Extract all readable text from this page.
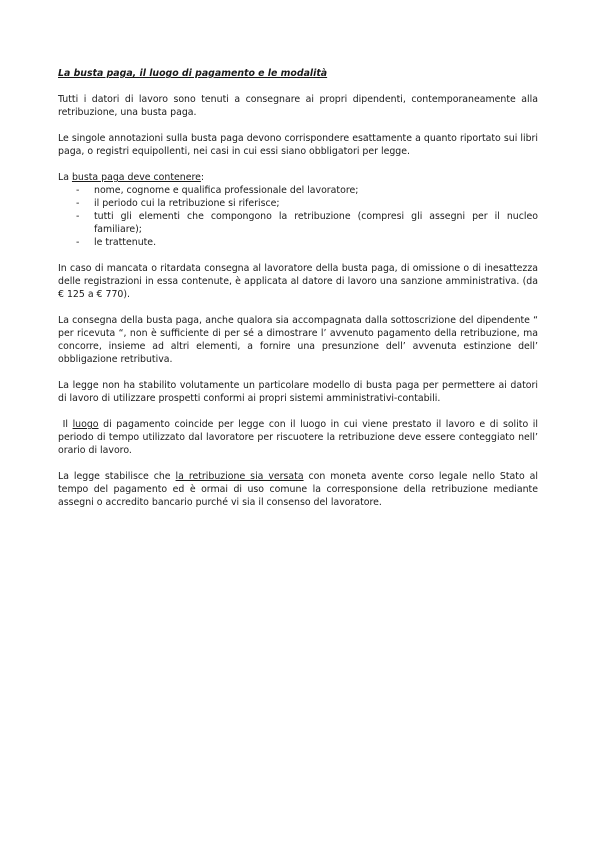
La busta paga, il luogo di pagamento e le modalità

Tutti i datori di lavoro sono tenuti a consegnare ai propri dipendenti, contemporaneamente alla retribuzione, una busta paga.

Le singole annotazioni sulla busta paga devono corrispondere esattamente a quanto riportato sui libri paga, o registri equipollenti, nei casi in cui essi siano obbligatori per legge.

La busta paga deve contenere:

- nome, cognome e qualifica professionale del lavoratore;
- il periodo cui la retribuzione si riferisce;
- tutti gli elementi che compongono la retribuzione (compresi gli assegni per il nucleo familiare);
- le trattenute.

In caso di mancata o ritardata consegna al lavoratore della busta paga, di omissione o di inesattezza delle registrazioni in essa contenute, è applicata al datore di lavoro una sanzione amministrativa. (da € 125 a € 770).

La consegna della busta paga, anche qualora sia accompagnata dalla sottoscrizione del dipendente “ per ricevuta “, non è sufficiente di per sé a dimostrare l’ avvenuto pagamento della retribuzione, ma concorre, insieme ad altri elementi, a fornire una presunzione dell’ avvenuta estinzione dell’ obbligazione retributiva.

La legge non ha stabilito volutamente un particolare modello di busta paga per permettere ai datori di lavoro di utilizzare prospetti conformi ai propri sistemi amministrativi-contabili.

Il luogo di pagamento coincide per legge con il luogo in cui viene prestato il lavoro e di solito il periodo di tempo utilizzato dal lavoratore per riscuotere la retribuzione deve essere conteggiato nell’ orario di lavoro.

La legge stabilisce che la retribuzione sia versata con moneta avente corso legale nello Stato al tempo del pagamento ed è ormai di uso comune la corresponsione della retribuzione mediante assegni o accredito bancario purché vi sia il consenso del lavoratore.
